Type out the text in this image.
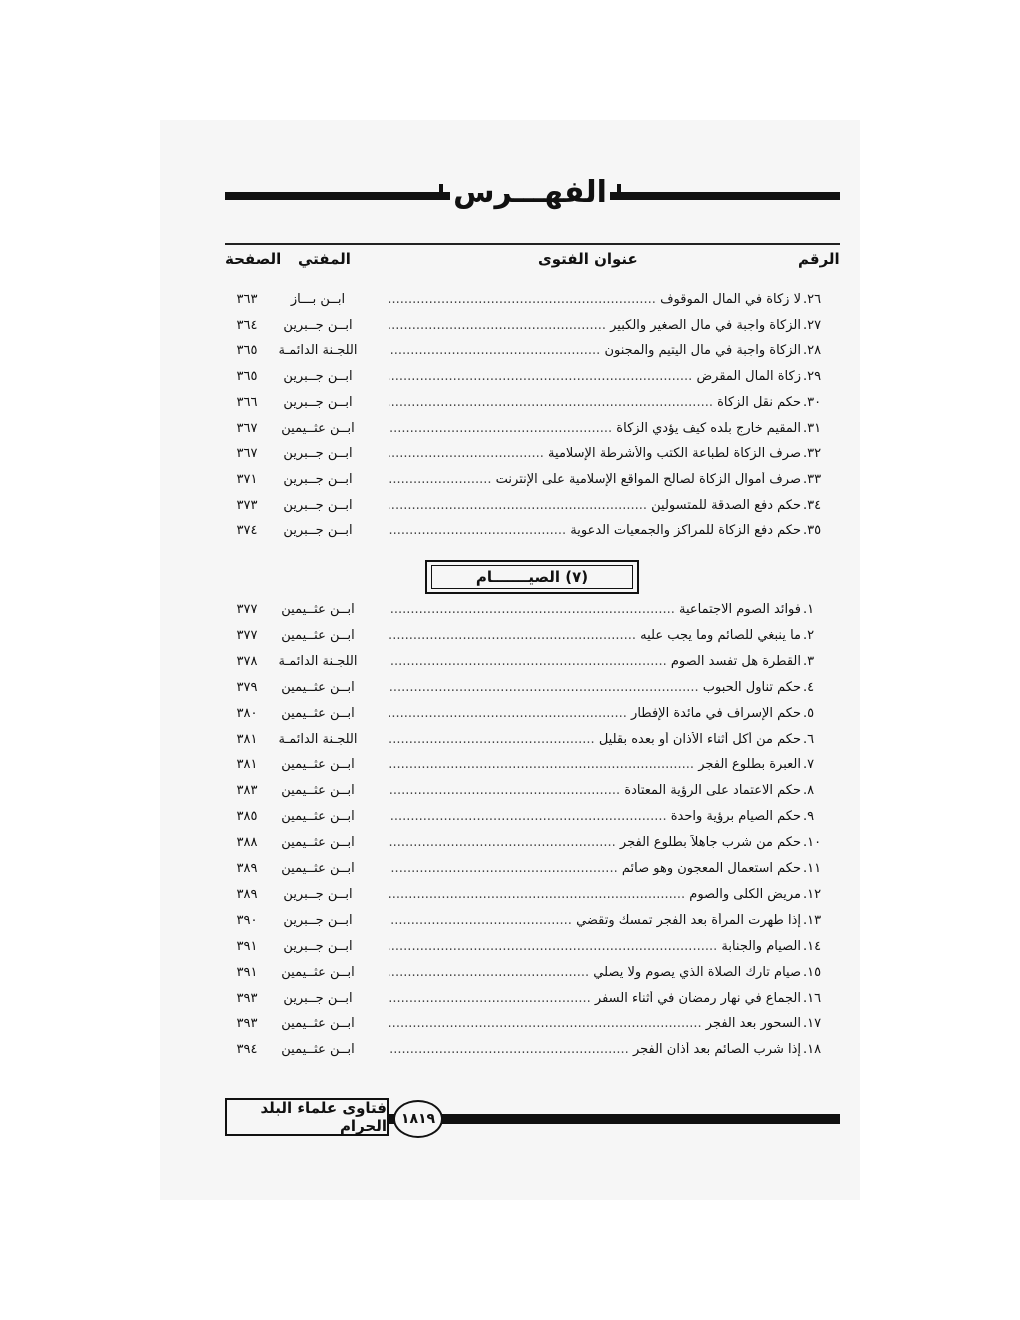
الفهـــرس
الرقم
عنوان الفتوى
المفتي
الصفحة
٢٦.
لا زكاة في المال الموقوف .....
ابــن بـــاز
٣٦٣
٢٧.
الزكاة واجبة في مال الصغير والكبير .....
ابــن جــبرين
٣٦٤
٢٨.
الزكاة واجبة في مال اليتيم والمجنون .....
اللجـنة الدائمـة
٣٦٥
٢٩.
زكاة المال المقرض .....
ابــن جــبرين
٣٦٥
٣٠.
حكم نقل الزكاة .....
ابــن جــبرين
٣٦٦
٣١.
المقيم خارج بلده كيف يؤدي الزكاة .....
ابــن عثــيمين
٣٦٧
٣٢.
صرف الزكاة لطباعة الكتب والأشرطة الإسلامية .....
ابــن جــبرين
٣٦٧
٣٣.
صرف أموال الزكاة لصالح المواقع الإسلامية على الإنترنت .....
ابــن جــبرين
٣٧١
٣٤.
حكم دفع الصدقة للمتسولين .....
ابــن جــبرين
٣٧٣
٣٥.
حكم دفع الزكاة للمراكز والجمعيات الدعوية .....
ابــن جــبرين
٣٧٤
(٧) الصيـــــــام
١.
فوائد الصوم الاجتماعية .....
ابــن عثــيمين
٣٧٧
٢.
ما ينبغي للصائم وما يجب عليه .....
ابــن عثــيمين
٣٧٧
٣.
القطرة هل تفسد الصوم .....
اللجـنة الدائمـة
٣٧٨
٤.
حكم تناول الحبوب .....
ابــن عثــيمين
٣٧٩
٥.
حكم الإسراف في مائدة الإفطار .....
ابــن عثــيمين
٣٨٠
٦.
حكم من أكل أثناء الأذان أو بعده بقليل .....
اللجـنة الدائمـة
٣٨١
٧.
العبرة بطلوع الفجر .....
ابــن عثــيمين
٣٨١
٨.
حكم الاعتماد على الرؤية المعتادة .....
ابــن عثــيمين
٣٨٣
٩.
حكم الصيام برؤية واحدة .....
ابــن عثــيمين
٣٨٥
١٠.
حكم من شرب جاهلاً بطلوع الفجر .....
ابــن عثــيمين
٣٨٨
١١.
حكم استعمال المعجون وهو صائم .....
ابــن عثــيمين
٣٨٩
١٢.
مريض الكلى والصوم .....
ابــن جــبرين
٣٨٩
١٣.
إذا طهرت المرأة بعد الفجر تمسك وتقضي .....
ابــن جــبرين
٣٩٠
١٤.
الصيام والجنابة .....
ابــن جــبرين
٣٩١
١٥.
صيام تارك الصلاة الذي يصوم ولا يصلي .....
ابــن عثــيمين
٣٩١
١٦.
الجماع في نهار رمضان في أثناء السفر .....
ابــن جــبرين
٣٩٣
١٧.
السحور بعد الفجر .....
ابــن عثــيمين
٣٩٣
١٨.
إذا شرب الصائم بعد أذان الفجر .....
ابــن عثــيمين
٣٩٤
فتاوى علماء البلد الحرام ١٨١٩
